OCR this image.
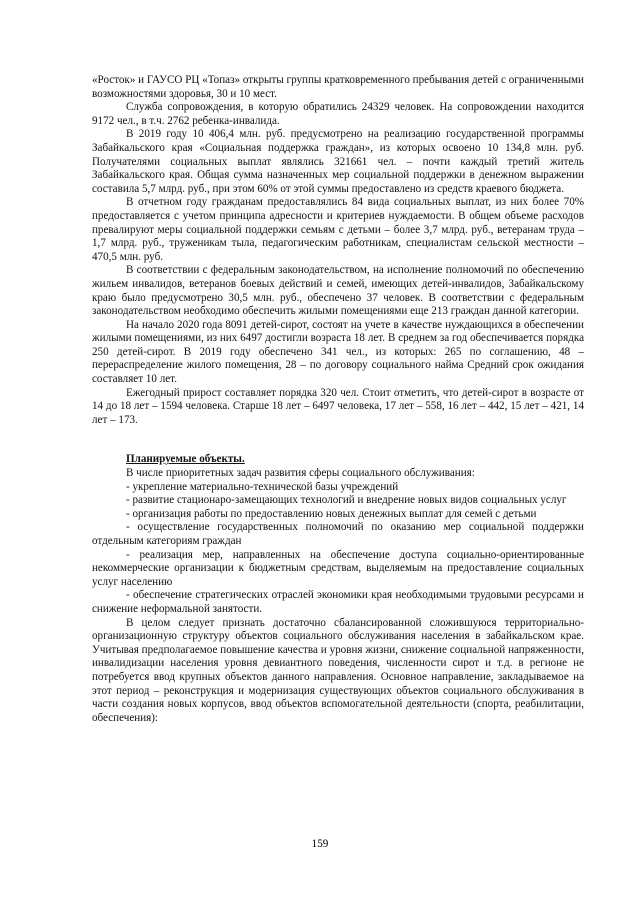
«Росток» и ГАУСО РЦ «Топаз» открыты группы кратковременного пребывания детей с ограниченными возможностями здоровья, 30 и 10 мест.

Служба сопровождения, в которую обратились 24329 человек. На сопровождении находится 9172 чел., в т.ч. 2762 ребенка-инвалида.

В 2019 году 10 406,4 млн. руб. предусмотрено на реализацию государственной программы Забайкальского края «Социальная поддержка граждан», из которых освоено 10 134,8 млн. руб. Получателями социальных выплат являлись 321661 чел. – почти каждый третий житель Забайкальского края. Общая сумма назначенных мер социальной поддержки в денежном выражении составила 5,7 млрд. руб., при этом 60% от этой суммы предоставлено из средств краевого бюджета.

В отчетном году гражданам предоставлялись 84 вида социальных выплат, из них более 70% предоставляется с учетом принципа адресности и критериев нуждаемости. В общем объеме расходов превалируют меры социальной поддержки семьям с детьми – более 3,7 млрд. руб., ветеранам труда – 1,7 млрд. руб., труженикам тыла, педагогическим работникам, специалистам сельской местности – 470,5 млн. руб.

В соответствии с федеральным законодательством, на исполнение полномочий по обеспечению жильем инвалидов, ветеранов боевых действий и семей, имеющих детей-инвалидов, Забайкальскому краю было предусмотрено 30,5 млн. руб., обеспечено 37 человек. В соответствии с федеральным законодательством необходимо обеспечить жилыми помещениями еще 213 граждан данной категории.

На начало 2020 года 8091 детей-сирот, состоят на учете в качестве нуждающихся в обеспечении жилыми помещениями, из них 6497 достигли возраста 18 лет. В среднем за год обеспечивается порядка 250 детей-сирот. В 2019 году обеспечено 341 чел., из которых: 265 по соглашению, 48 – перераспределение жилого помещения, 28 – по договору социального найма Средний срок ожидания составляет 10 лет.

Ежегодный прирост составляет порядка 320 чел. Стоит отметить, что детей-сирот в возрасте от 14 до 18 лет – 1594 человека. Старше 18 лет – 6497 человека, 17 лет – 558, 16 лет – 442, 15 лет – 421, 14 лет – 173.

Планируемые объекты.

В числе приоритетных задач развития сферы социального обслуживания:

- укрепление материально-технической базы учреждений

- развитие стационаро-замещающих технологий и внедрение новых видов социальных услуг

- организация работы по предоставлению новых денежных выплат для семей с детьми

- осуществление государственных полномочий по оказанию мер социальной поддержки отдельным категориям граждан

- реализация мер, направленных на обеспечение доступа социально-ориентированные некоммерческие организации к бюджетным средствам, выделяемым на предоставление социальных услуг населению

- обеспечение стратегических отраслей экономики края необходимыми трудовыми ресурсами и снижение неформальной занятости.

В целом следует признать достаточно сбалансированной сложившуюся территориально-организационную структуру объектов социального обслуживания населения в забайкальском крае. Учитывая предполагаемое повышение качества и уровня жизни, снижение социальной напряженности, инвалидизации населения уровня девиантного поведения, численности сирот и т.д. в регионе не потребуется ввод крупных объектов данного направления. Основное направление, закладываемое на этот период – реконструкция и модернизация существующих объектов социального обслуживания в части создания новых корпусов, ввод объектов вспомогательной деятельности (спорта, реабилитации, обеспечения):

159
